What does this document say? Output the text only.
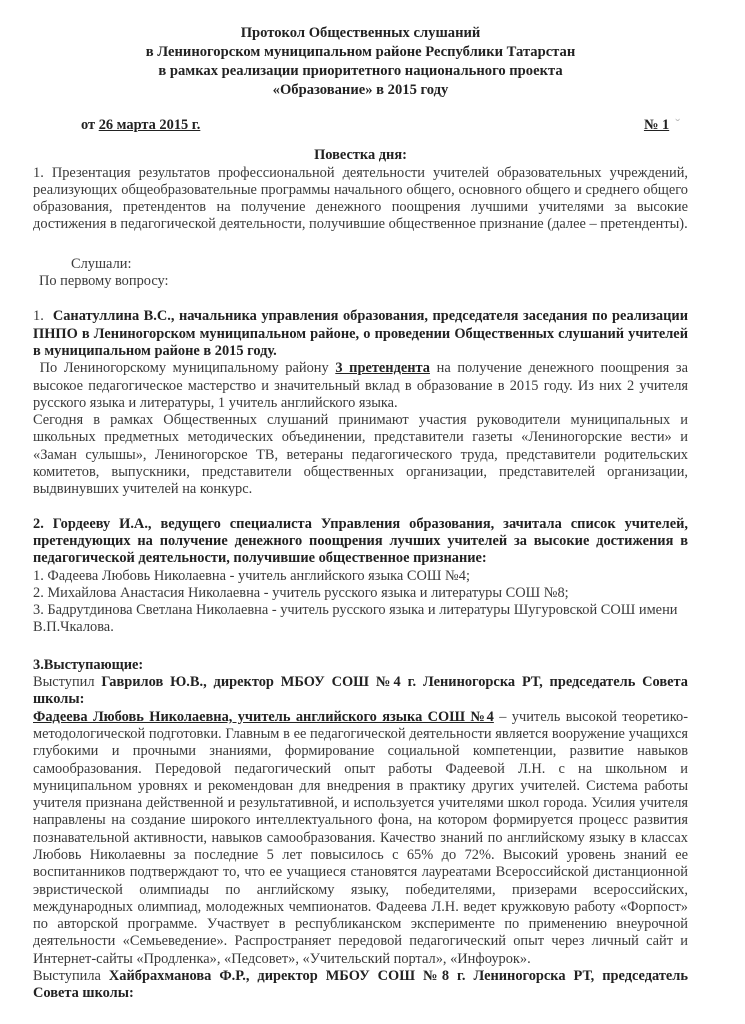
Протокол Общественных слушаний
в Лениногорском муниципальном районе Республики Татарстан
в рамках реализации приоритетного национального проекта
«Образование» в 2015 году
от 26 марта 2015 г.	№ 1 ˇ
Повестка дня:

1. Презентация результатов профессиональной деятельности учителей образовательных учреждений, реализующих общеобразовательные программы начального общего, основного общего и среднего общего образования, претендентов на получение денежного поощрения лучшими учителями за высокие достижения в педагогической деятельности, получившие общественное признание (далее – претенденты).

Слушали:
По первому вопросу:

1. Санатуллина В.С., начальника управления образования, председателя заседания по реализации ПНПО в Лениногорском муниципальном районе, о проведении Общественных слушаний учителей в муниципальном районе в 2015 году.

По Лениногорскому муниципальному району 3 претендента на получение денежного поощрения за высокое педагогическое мастерство и значительный вклад в образование в 2015 году. Из них 2 учителя русского языка и литературы, 1 учитель английского языка.

Сегодня в рамках Общественных слушаний принимают участия руководители муниципальных и школьных предметных методических объединении, представители газеты «Лениногорские вести» и «Заман сулышы», Лениногорское ТВ, ветераны педагогического труда, представители родительских комитетов, выпускники, представители общественных организации, представителей организации, выдвинувших учителей на конкурс.

2. Гордееву И.А., ведущего специалиста Управления образования, зачитала список учителей, претендующих на получение денежного поощрения лучших учителей за высокие достижения в педагогической деятельности, получившие общественное признание:

1. Фадеева Любовь Николаевна - учитель английского языка СОШ №4;

2. Михайлова Анастасия Николаевна - учитель русского языка и литературы СОШ №8;

3. Бадрутдинова Светлана Николаевна - учитель русского языка и литературы Шугуровской СОШ имени В.П.Чкалова.

3.Выступающие:

Выступил Гаврилов Ю.В., директор МБОУ СОШ №4 г. Лениногорска РТ, председатель Совета школы:

Фадеева Любовь Николаевна, учитель английского языка СОШ №4 – учитель высокой теоретико-методологической подготовки. Главным в ее педагогической деятельности является вооружение учащихся глубокими и прочными знаниями, формирование социальной компетенции, развитие навыков самообразования. Передовой педагогический опыт работы Фадеевой Л.Н. с на школьном и муниципальном уровнях и рекомендован для внедрения в практику других учителей. Система работы учителя признана действенной и результативной, и используется учителями школ города. Усилия учителя направлены на создание широкого интеллектуального фона, на котором формируется процесс развития познавательной активности, навыков самообразования. Качество знаний по английскому языку в классах Любовь Николаевны за последние 5 лет повысилось с 65% до 72%. Высокий уровень знаний ее воспитанников подтверждают то, что ее учащиеся становятся лауреатами Всероссийской дистанционной эвристической олимпиады по английскому языку, победителями, призерами всероссийских, международных олимпиад, молодежных чемпионатов. Фадеева Л.Н. ведет кружковую работу «Форпост» по авторской программе. Участвует в республиканском эксперименте по применению внеурочной деятельности «Семьеведение». Распространяет передовой педагогический опыт через личный сайт и Интернет-сайты «Продленка», «Педсовет», «Учительский портал», «Инфоурок».

Выступила Хайбрахманова Ф.Р., директор МБОУ СОШ №8 г. Лениногорска РТ, председатель Совета школы:
